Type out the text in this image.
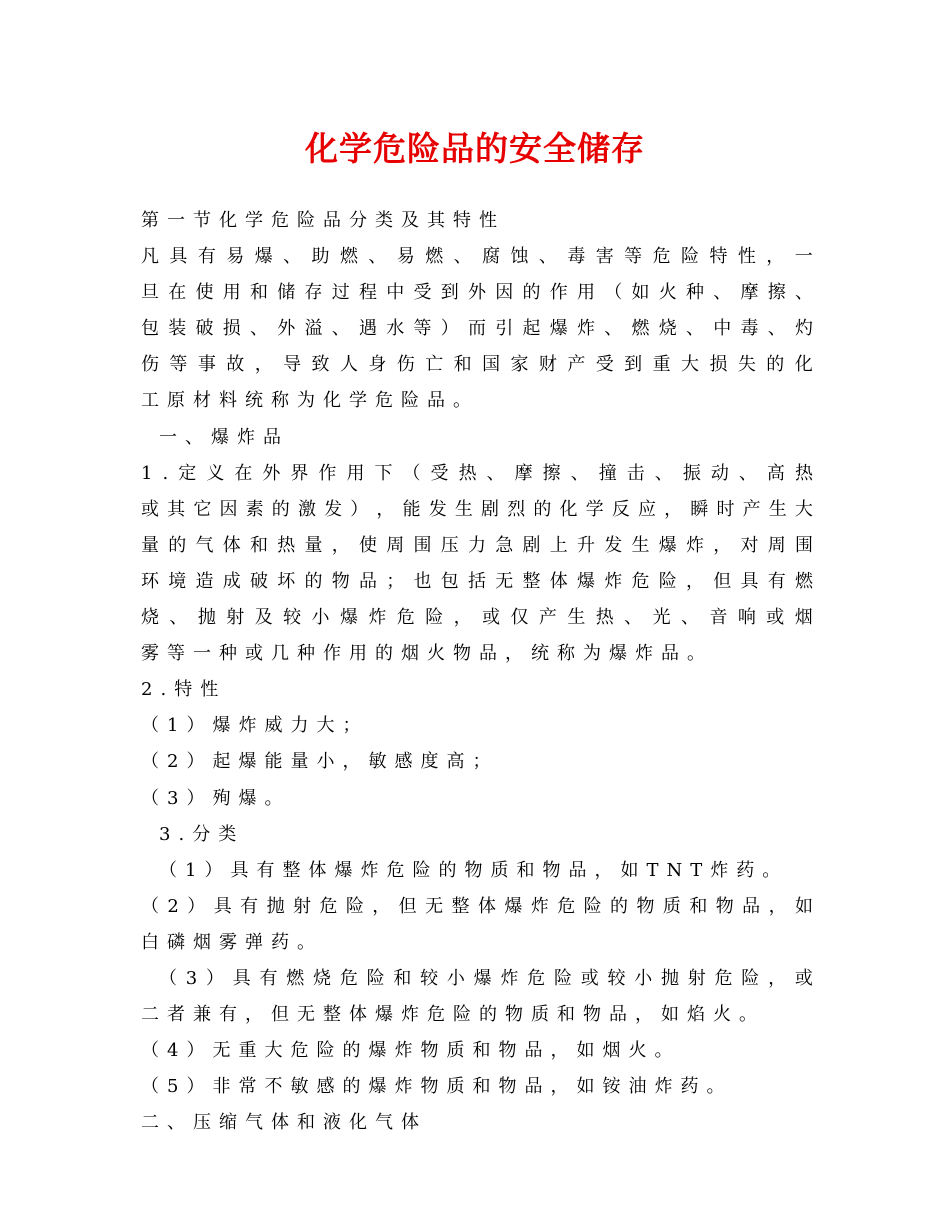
化学危险品的安全储存
第 一 节 化 学 危 险 品 分 类 及 其 特 性
凡 具 有 易 爆 、 助 燃 、 易 燃 、 腐 蚀 、 毒 害 等 危 险 特 性 ， 一
旦 在 使 用 和 储 存 过 程 中 受 到 外 因 的 作 用 （ 如 火 种 、 摩 擦 、
包 装 破 损 、 外 溢 、 遇 水 等 ） 而 引 起 爆 炸 、 燃 烧 、 中 毒 、 灼
伤 等 事 故 ， 导 致 人 身 伤 亡 和 国 家 财 产 受 到 重 大 损 失 的 化
工 原 材 料 统 称 为 化 学 危 险 品 。
一 、 爆 炸 品
1 . 定 义 在 外 界 作 用 下 （ 受 热 、 摩 擦 、 撞 击 、 振 动 、 高 热
或 其 它 因 素 的 激 发 ） ， 能 发 生 剧 烈 的 化 学 反 应 ， 瞬 时 产 生 大
量 的 气 体 和 热 量 ， 使 周 围 压 力 急 剧 上 升 发 生 爆 炸 ， 对 周 围
环 境 造 成 破 坏 的 物 品 ； 也 包 括 无 整 体 爆 炸 危 险 ， 但 具 有 燃
烧 、 抛 射 及 较 小 爆 炸 危 险 ， 或 仅 产 生 热 、 光 、 音 响 或 烟
雾 等 一 种 或 几 种 作 用 的 烟 火 物 品 ， 统 称 为 爆 炸 品 。
2 . 特 性
（ 1 ） 爆 炸 威 力 大 ；
（ 2 ） 起 爆 能 量 小 ， 敏 感 度 高 ；
（ 3 ） 殉 爆 。
3 . 分 类
（ 1 ） 具 有 整 体 爆 炸 危 险 的 物 质 和 物 品 ， 如 T N T 炸 药 。
（ 2 ） 具 有 抛 射 危 险 ， 但 无 整 体 爆 炸 危 险 的 物 质 和 物 品 ， 如
白 磷 烟 雾 弹 药 。
（ 3 ） 具 有 燃 烧 危 险 和 较 小 爆 炸 危 险 或 较 小 抛 射 危 险 ， 或
二 者 兼 有 ， 但 无 整 体 爆 炸 危 险 的 物 质 和 物 品 ， 如 焰 火 。
（ 4 ） 无 重 大 危 险 的 爆 炸 物 质 和 物 品 ， 如 烟 火 。
（ 5 ） 非 常 不 敏 感 的 爆 炸 物 质 和 物 品 ， 如 铵 油 炸 药 。
二 、 压 缩 气 体 和 液 化 气 体
